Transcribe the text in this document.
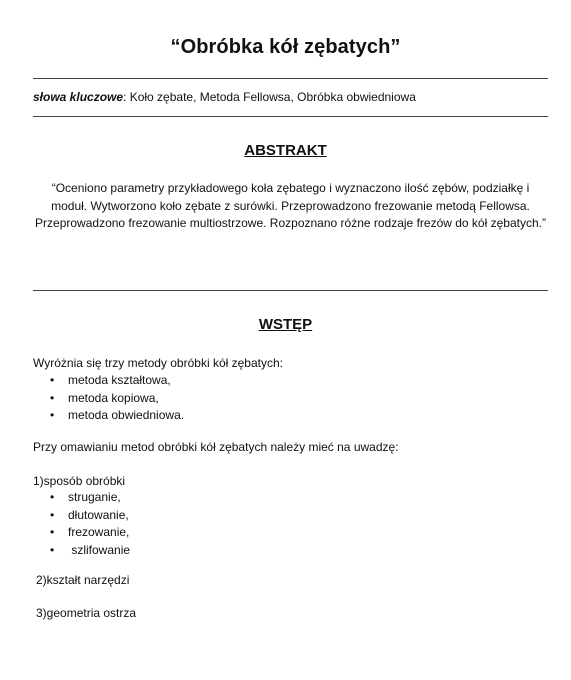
“Obróbka kół zębatych”
słowa kluczowe: Koło zębate, Metoda Fellowsa, Obróbka obwiedniowa
ABSTRAKT
“Oceniono parametry przykładowego koła zębatego i wyznaczono ilość zębów, podziałkę i moduł. Wytworzono koło zębate z surówki. Przeprowadzono frezowanie metodą Fellowsa. Przeprowadzono frezowanie multiostrzowe. Rozpoznano różne rodzaje frezów do kół zębatych.”
WSTĘP
Wyróżnia się trzy metody obróbki kół zębatych:
• metoda kształtowa,
• metoda kopiowa,
• metoda obwiedniowa.
Przy omawianiu metod obróbki kół zębatych należy mieć na uwadzę:
1)sposób obróbki
• struganie,
• dłutowanie,
• frezowanie,
• szlifowanie
2)kształt narzędzi
3)geometria ostrza
